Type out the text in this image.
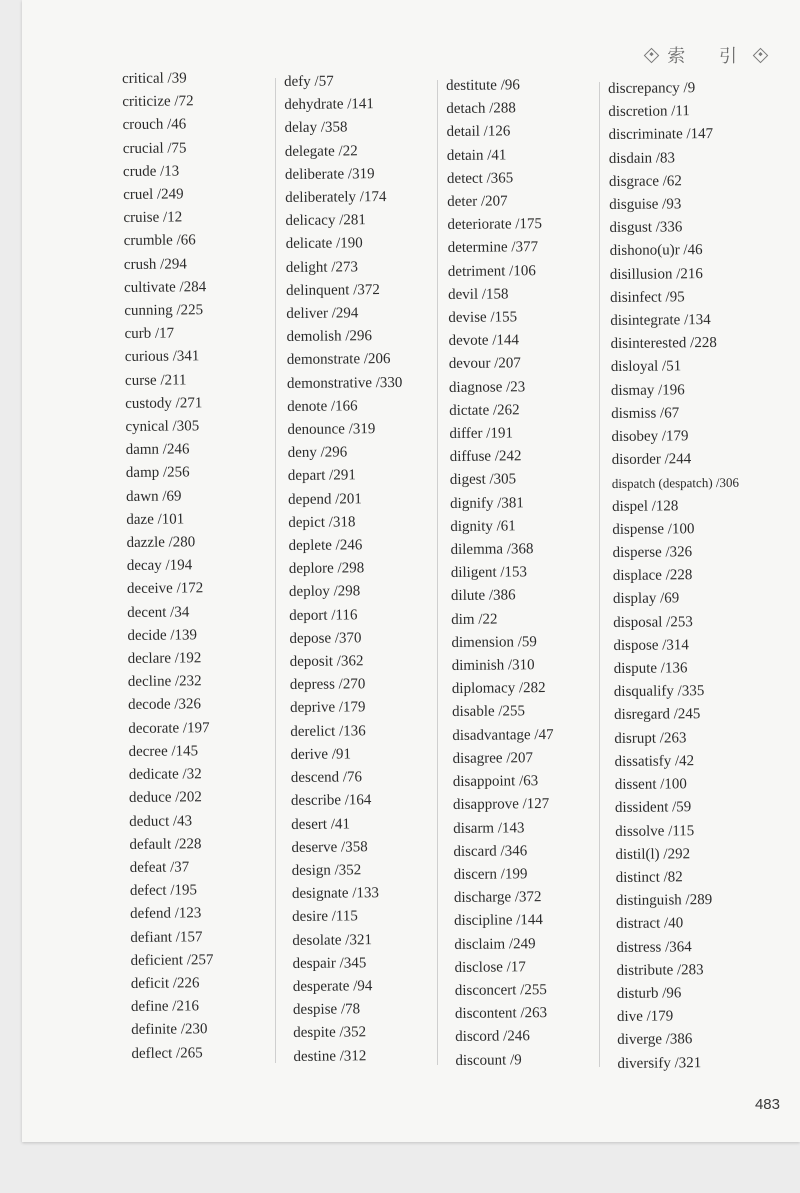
索 引
critical /39
criticize /72
crouch /46
crucial /75
crude /13
cruel /249
cruise /12
crumble /66
crush /294
cultivate /284
cunning /225
curb /17
curious /341
curse /211
custody /271
cynical /305
damn /246
damp /256
dawn /69
daze /101
dazzle /280
decay /194
deceive /172
decent /34
decide /139
declare /192
decline /232
decode /326
decorate /197
decree /145
dedicate /32
deduce /202
deduct /43
default /228
defeat /37
defect /195
defend /123
defiant /157
deficient /257
deficit /226
define /216
definite /230
deflect /265
defy /57
dehydrate /141
delay /358
delegate /22
deliberate /319
deliberately /174
delicacy /281
delicate /190
delight /273
delinquent /372
deliver /294
demolish /296
demonstrate /206
demonstrative /330
denote /166
denounce /319
deny /296
depart /291
depend /201
depict /318
deplete /246
deplore /298
deploy /298
deport /116
depose /370
deposit /362
depress /270
deprive /179
derelict /136
derive /91
descend /76
describe /164
desert /41
deserve /358
design /352
designate /133
desire /115
desolate /321
despair /345
desperate /94
despise /78
despite /352
destine /312
destitute /96
detach /288
detail /126
detain /41
detect /365
deter /207
deteriorate /175
determine /377
detriment /106
devil /158
devise /155
devote /144
devour /207
diagnose /23
dictate /262
differ /191
diffuse /242
digest /305
dignify /381
dignity /61
dilemma /368
diligent /153
dilute /386
dim /22
dimension /59
diminish /310
diplomacy /282
disable /255
disadvantage /47
disagree /207
disappoint /63
disapprove /127
disarm /143
discard /346
discern /199
discharge /372
discipline /144
disclaim /249
disclose /17
disconcert /255
discontent /263
discord /246
discount /9
discrepancy /9
discretion /11
discriminate /147
disdain /83
disgrace /62
disguise /93
disgust /336
dishono(u)r /46
disillusion /216
disinfect /95
disintegrate /134
disinterested /228
disloyal /51
dismay /196
dismiss /67
disobey /179
disorder /244
dispatch (despatch) /306
dispel /128
dispense /100
disperse /326
displace /228
display /69
disposal /253
dispose /314
dispute /136
disqualify /335
disregard /245
disrupt /263
dissatisfy /42
dissent /100
dissident /59
dissolve /115
distil(l) /292
distinct /82
distinguish /289
distract /40
distress /364
distribute /283
disturb /96
dive /179
diverge /386
diversify /321
483
